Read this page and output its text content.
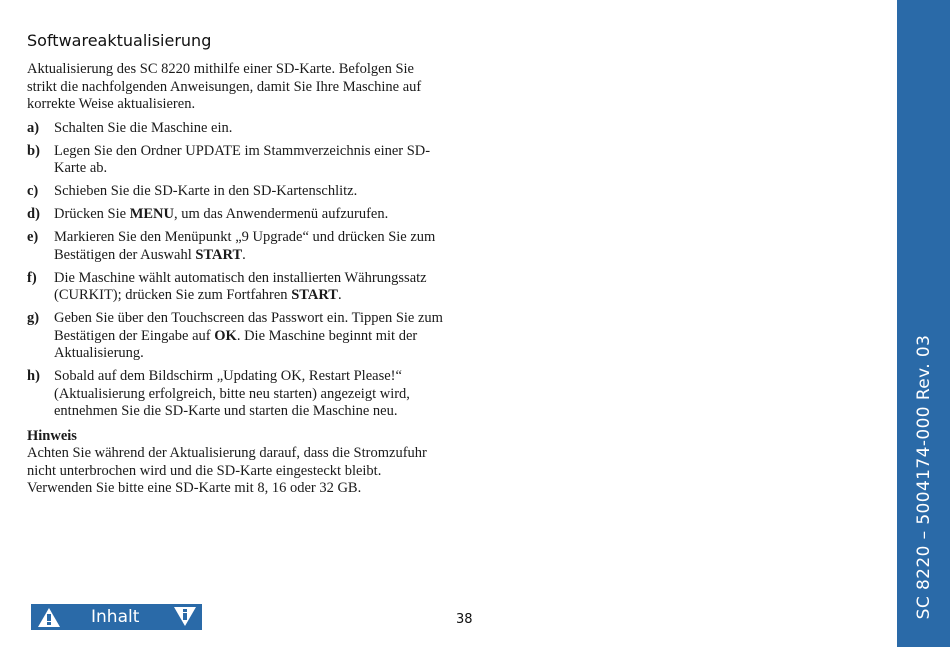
Softwareaktualisierung

Aktualisierung des SC 8220 mithilfe einer SD-Karte. Befolgen Sie strikt die nachfolgenden Anweisungen, damit Sie Ihre Maschine auf korrekte Weise aktualisieren.

a) Schalten Sie die Maschine ein.
b) Legen Sie den Ordner UPDATE im Stammverzeichnis einer SD-Karte ab.
c) Schieben Sie die SD-Karte in den SD-Kartenschlitz.
d) Drücken Sie MENU, um das Anwendermenü aufzurufen.
e) Markieren Sie den Menüpunkt „9 Upgrade“ und drücken Sie zum Bestätigen der Auswahl START.
f) Die Maschine wählt automatisch den installierten Währungssatz (CURKIT); drücken Sie zum Fortfahren START.
g) Geben Sie über den Touchscreen das Passwort ein. Tippen Sie zum Bestätigen der Eingabe auf OK. Die Maschine beginnt mit der Aktualisierung.
h) Sobald auf dem Bildschirm „Updating OK, Restart Please!“ (Aktualisierung erfolgreich, bitte neu starten) angezeigt wird, entnehmen Sie die SD-Karte und starten die Maschine neu.

Hinweis

Achten Sie während der Aktualisierung darauf, dass die Stromzufuhr nicht unterbrochen wird und die SD-Karte eingesteckt bleibt. Verwenden Sie bitte eine SD-Karte mit 8, 16 oder 32 GB.

Inhalt	38
SC 8220 – 5004174-000 Rev. 03
